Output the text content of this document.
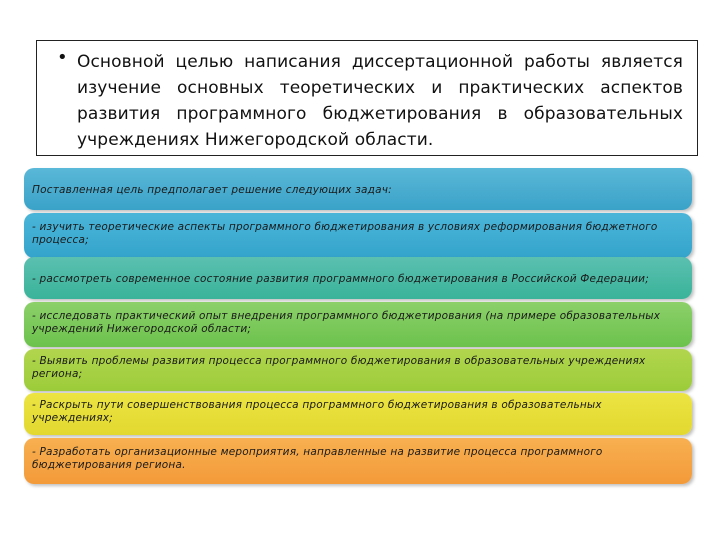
• Основной целью написания диссертационной работы является изучение основных теоретических и практических аспектов развития программного бюджетирования в образовательных учреждениях Нижегородской области.
Поставленная цель предполагает решение следующих задач:
- изучить теоретические аспекты программного бюджетирования в условиях реформирования бюджетного процесса;
- рассмотреть современное состояние развития программного бюджетирования в Российской Федерации;
- исследовать практический опыт внедрения программного бюджетирования (на примере образовательных учреждений Нижегородской области;
- Выявить проблемы развития процесса программного бюджетирования в образовательных учреждениях региона;
- Раскрыть пути совершенствования процесса программного бюджетирования в образовательных учреждениях;
- Разработать организационные мероприятия, направленные на развитие процесса программного бюджетирования региона.
